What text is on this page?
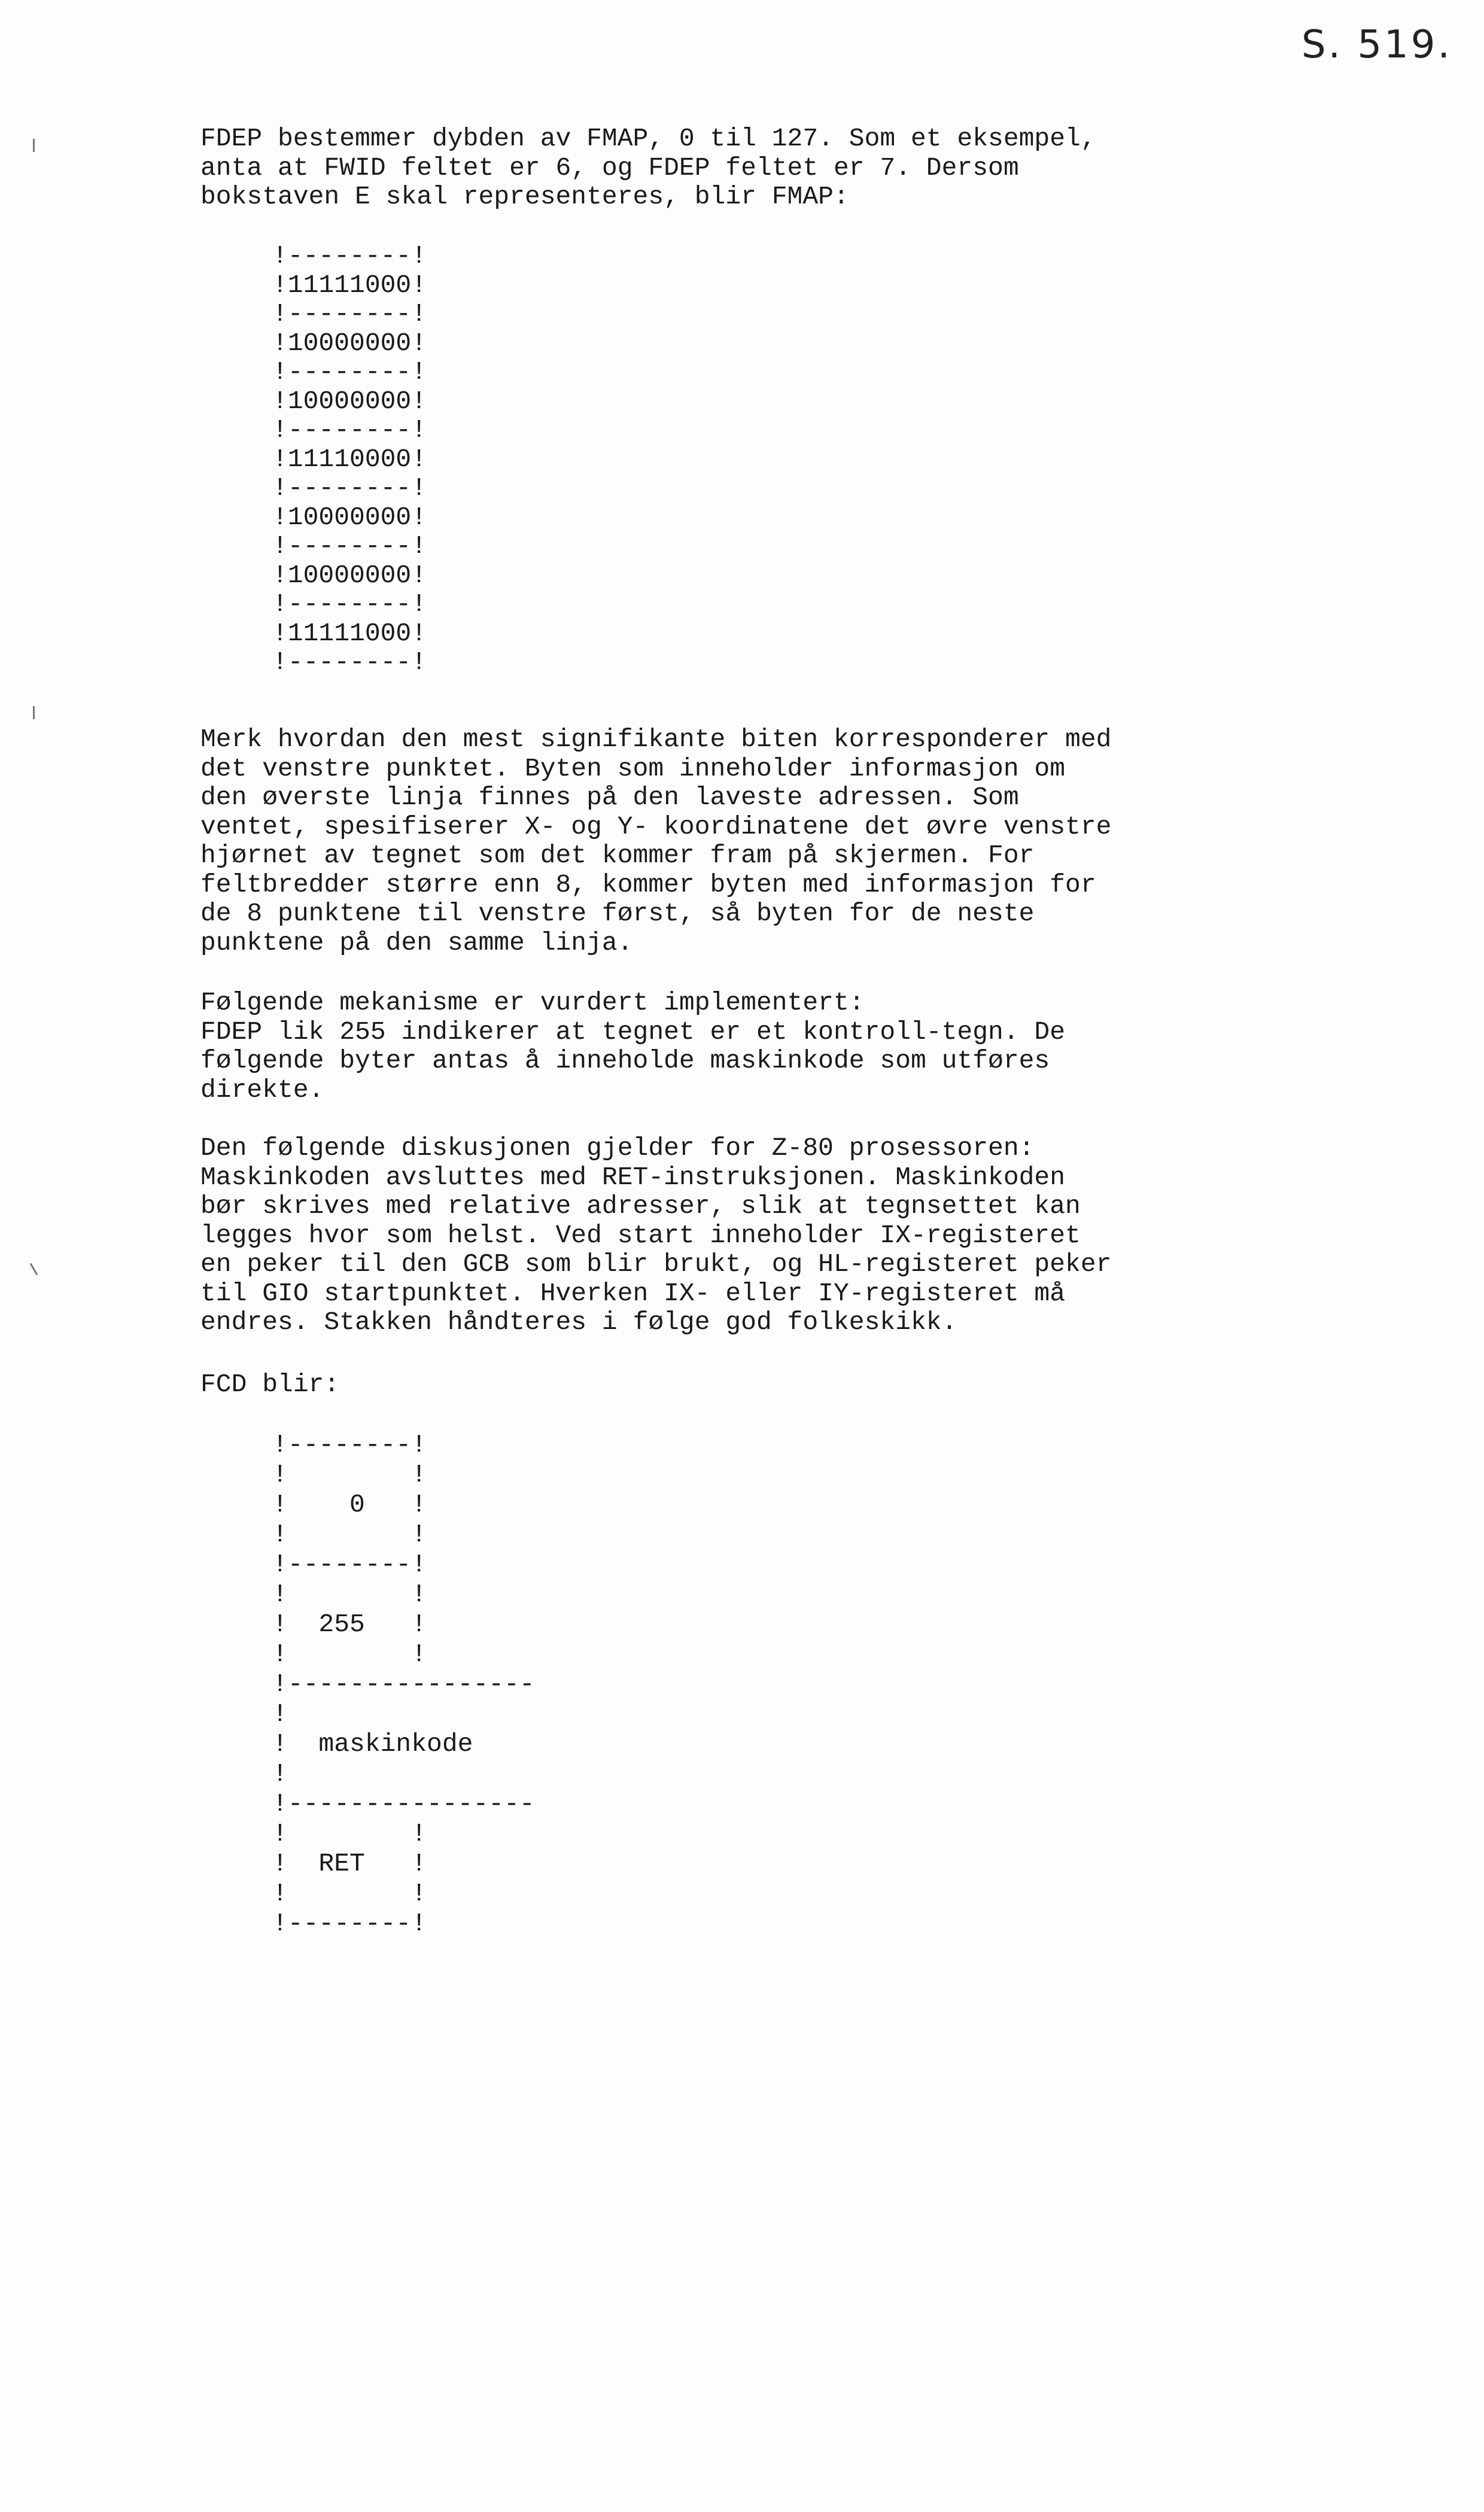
S. 519.
FDEP bestemmer dybden av FMAP, 0 til 127. Som et eksempel,
anta at FWID feltet er 6, og FDEP feltet er 7. Dersom
bokstaven E skal representeres, blir FMAP:
!--------!
!11111000!
!--------!
!10000000!
!--------!
!10000000!
!--------!
!11110000!
!--------!
!10000000!
!--------!
!10000000!
!--------!
!11111000!
!--------!
Merk hvordan den mest signifikante biten korresponderer med
det venstre punktet. Byten som inneholder informasjon om
den øverste linja finnes på den laveste adressen. Som
ventet, spesifiserer X- og Y- koordinatene det øvre venstre
hjørnet av tegnet som det kommer fram på skjermen. For
feltbredder større enn 8, kommer byten med informasjon for
de 8 punktene til venstre først, så byten for de neste
punktene på den samme linja.
Følgende mekanisme er vurdert implementert:
FDEP lik 255 indikerer at tegnet er et kontroll-tegn. De
følgende byter antas å inneholde maskinkode som utføres
direkte.
Den følgende diskusjonen gjelder for Z-80 prosessoren:
Maskinkoden avsluttes med RET-instruksjonen. Maskinkoden
bør skrives med relative adresser, slik at tegnsettet kan
legges hvor som helst. Ved start inneholder IX-registeret
en peker til den GCB som blir brukt, og HL-registeret peker
til GIO startpunktet. Hverken IX- eller IY-registeret må
endres. Stakken håndteres i følge god folkeskikk.
FCD blir:
!--------!
!        !
!    0   !
!        !
!--------!
!        !
!  255   !
!        !
!----------------
!
!  maskinkode
!
!----------------
!        !
!  RET   !
!        !
!--------!
